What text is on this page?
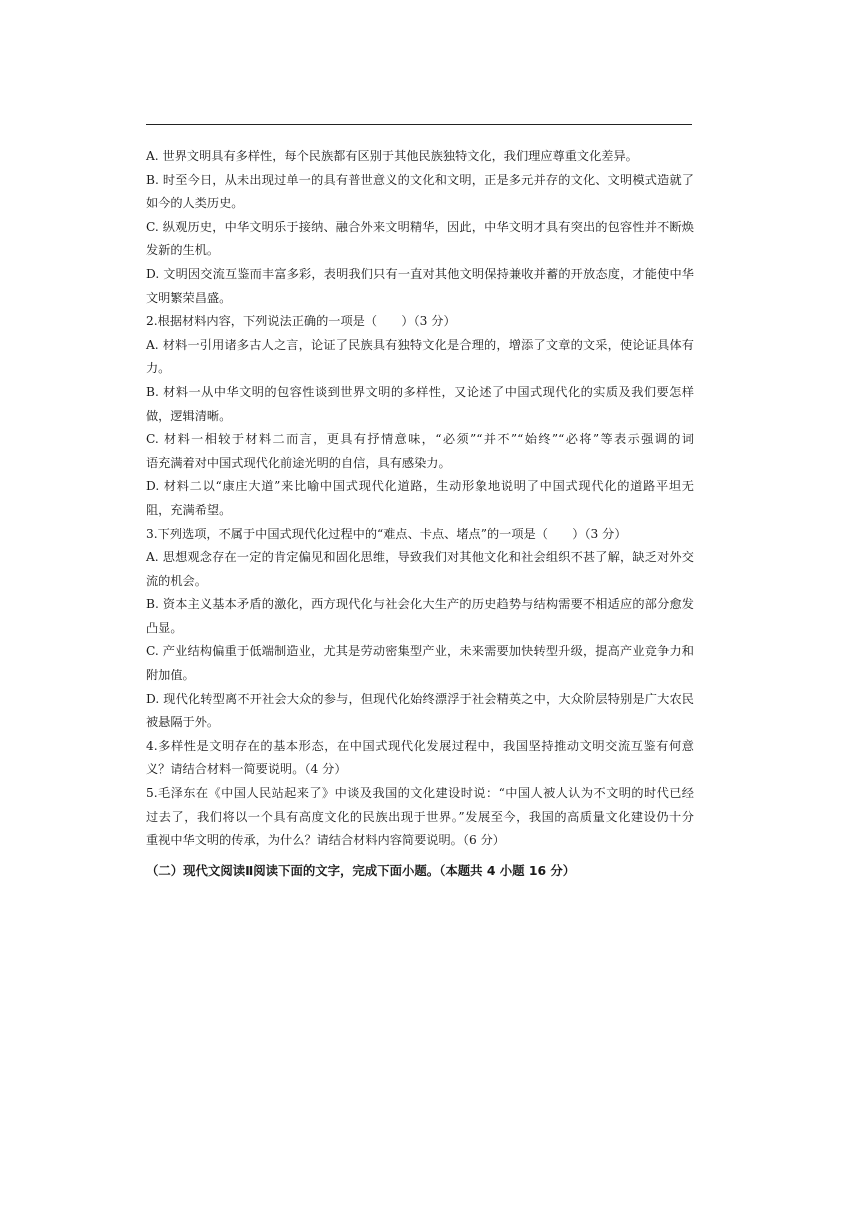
A. 世界文明具有多样性，每个民族都有区别于其他民族独特文化，我们理应尊重文化差异。
B. 时至今日，从未出现过单一的具有普世意义的文化和文明，正是多元并存的文化、文明模式造就了
如今的人类历史。
C. 纵观历史，中华文明乐于接纳、融合外来文明精华，因此，中华文明才具有突出的包容性并不断焕
发新的生机。
D. 文明因交流互鉴而丰富多彩，表明我们只有一直对其他文明保持兼收并蓄的开放态度，才能使中华
文明繁荣昌盛。
2.根据材料内容，下列说法正确的一项是（　　）（3 分）
A. 材料一引用诸多古人之言，论证了民族具有独特文化是合理的，增添了文章的文采，使论证具体有
力。
B. 材料一从中华文明的包容性谈到世界文明的多样性，又论述了中国式现代化的实质及我们要怎样
做，逻辑清晰。
C. 材料一相较于材料二而言，更具有抒情意味，“必须”“并不”“始终”“必将”等表示强调的词
语充满着对中国式现代化前途光明的自信，具有感染力。
D. 材料二以“康庄大道”来比喻中国式现代化道路，生动形象地说明了中国式现代化的道路平坦无
阻，充满希望。
3.下列选项，不属于中国式现代化过程中的“难点、卡点、堵点”的一项是（　　）（3 分）
A. 思想观念存在一定的肯定偏见和固化思维，导致我们对其他文化和社会组织不甚了解，缺乏对外交
流的机会。
B. 资本主义基本矛盾的激化，西方现代化与社会化大生产的历史趋势与结构需要不相适应的部分愈发
凸显。
C. 产业结构偏重于低端制造业，尤其是劳动密集型产业，未来需要加快转型升级，提高产业竞争力和
附加值。
D. 现代化转型离不开社会大众的参与，但现代化始终漂浮于社会精英之中，大众阶层特别是广大农民
被悬隔于外。
4.多样性是文明存在的基本形态，在中国式现代化发展过程中，我国坚持推动文明交流互鉴有何意
义？请结合材料一简要说明。（4 分）
5.毛泽东在《中国人民站起来了》中谈及我国的文化建设时说：“中国人被人认为不文明的时代已经
过去了，我们将以一个具有高度文化的民族出现于世界。”发展至今，我国的高质量文化建设仍十分
重视中华文明的传承，为什么？请结合材料内容简要说明。（6 分）
（二）现代文阅读Ⅱ阅读下面的文字，完成下面小题。（本题共 4 小题 16 分）
